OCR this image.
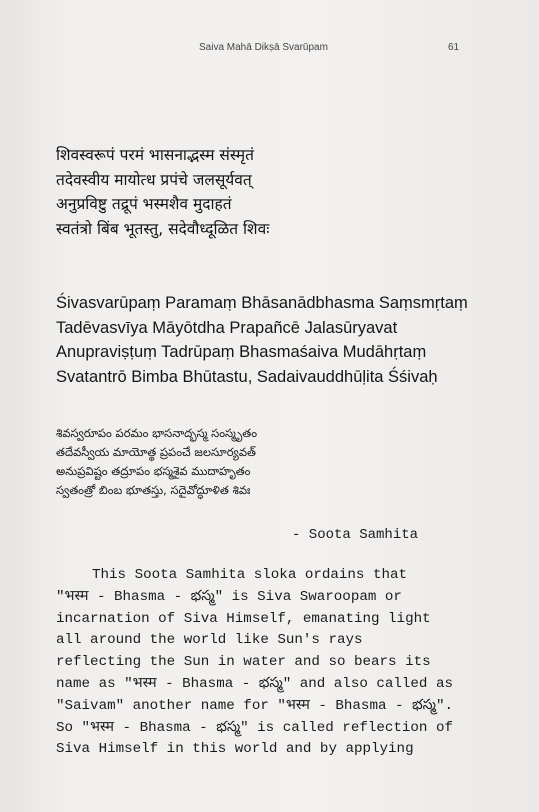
Saiva Mahā Dikṣā Svarūpam	61
शिवस्वरूपं परमं भासनाद्भस्म संस्मृतं
तदेवस्वीय मायोत्ध प्रपंचे जलसूर्यवत्
अनुप्रविष्टु तद्रूपं भस्मशैव मुदाहतं
स्वतंत्रो बिंब भूतस्तु, सदेवौध्दूळित शिवः
Śivasvarūpaṃ Paramaṃ Bhāsanādbhasma Saṃsmṛtaṃ
Tadēvasvīya Māyōtdha Prapañcē Jalasūryavat
Anupraviṣṭuṃ Tadrūpaṃ Bhasmaśaiva Mudāhṛtaṃ
Svatantrō Bimba Bhūtastu, Sadaivauddhūḷita Śśivaḥ
శివస్వరూపం పరమం భాసనాద్భస్మ సంస్మృతం
తదేవస్వీయ మాయోత్థ ప్రపంచే జలసూర్యవత్
అనుప్రవిష్టం తద్రూపం భస్మశైవ ముదాహృతం
స్వతంత్రో బింబ భూతస్తు, సదైవోద్ధూళిత శివః
- Soota Samhita
This Soota Samhita sloka ordains that
"भस्म - Bhasma - భస్మ" is Siva Swaroopam or
incarnation of Siva Himself, emanating light
all around the world like Sun's rays
reflecting the Sun in water and so bears its
name as "भस्म - Bhasma - భస్మ" and also called as
"Saivam" another name for "भस्म - Bhasma - భస్మ".
So "भस्म - Bhasma - భస్మ" is called reflection of
Siva Himself in this world and by applying
